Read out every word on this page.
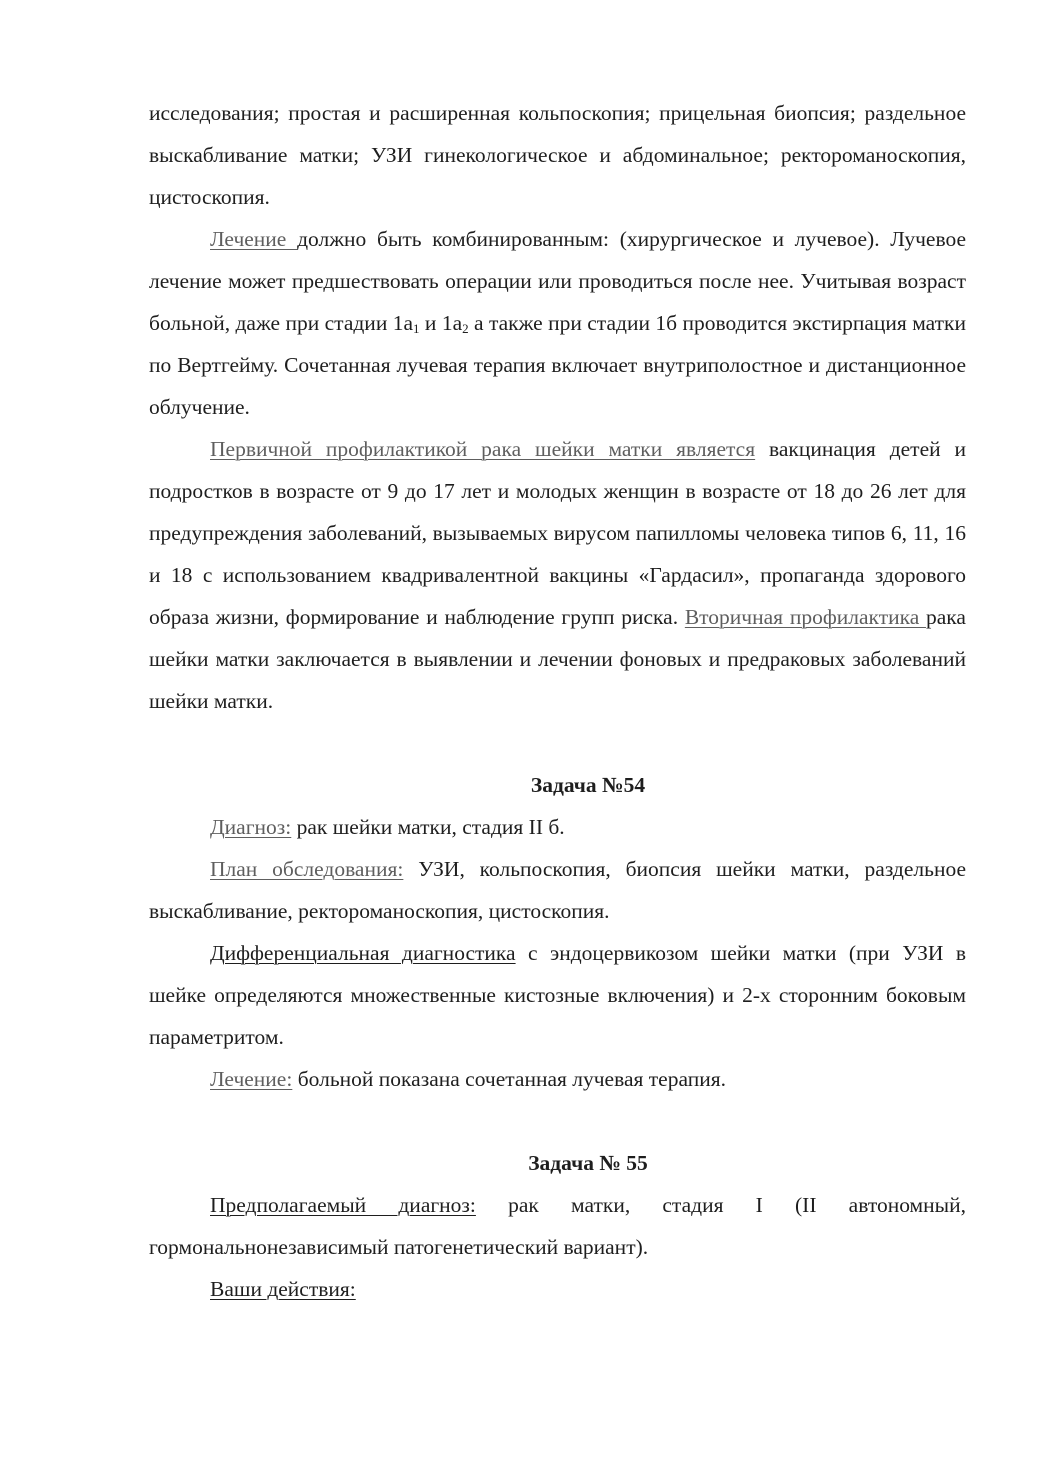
исследования; простая и расширенная кольпоскопия; прицельная биопсия; раздельное выскабливание матки; УЗИ гинекологическое и абдоминальное; ректороманоскопия, цистоскопия.

Лечение должно быть комбинированным: (хирургическое и лучевое). Лучевое лечение может предшествовать операции или проводиться после нее. Учитывая возраст больной, даже при стадии $1а_1$ и $1а_2$ а также при стадии 1б проводится экстирпация матки по Вертгейму. Сочетанная лучевая терапия включает внутриполостное и дистанционное облучение.

Первичной профилактикой рака шейки матки является вакцинация детей и подростков в возрасте от 9 до 17 лет и молодых женщин в возрасте от 18 до 26 лет для предупреждения заболеваний, вызываемых вирусом папилломы человека типов 6, 11, 16 и 18 с использованием квадривалентной вакцины «Гардасил», пропаганда здорового образа жизни, формирование и наблюдение групп риска. Вторичная профилактика рака шейки матки заключается в выявлении и лечении фоновых и предраковых заболеваний шейки матки.

Задача №54

Диагноз: рак шейки матки, стадия II б.

План обследования: УЗИ, кольпоскопия, биопсия шейки матки, раздельное выскабливание, ректороманоскопия, цистоскопия.

Дифференциальная диагностика с эндоцервикозом шейки матки (при УЗИ в шейке определяются множественные кистозные включения) и 2-х сторонним боковым параметритом.

Лечение: больной показана сочетанная лучевая терапия.

Задача № 55

Предполагаемый диагноз: рак матки, стадия I (II автономный, гормональнонезависимый патогенетический вариант).

Ваши действия:
